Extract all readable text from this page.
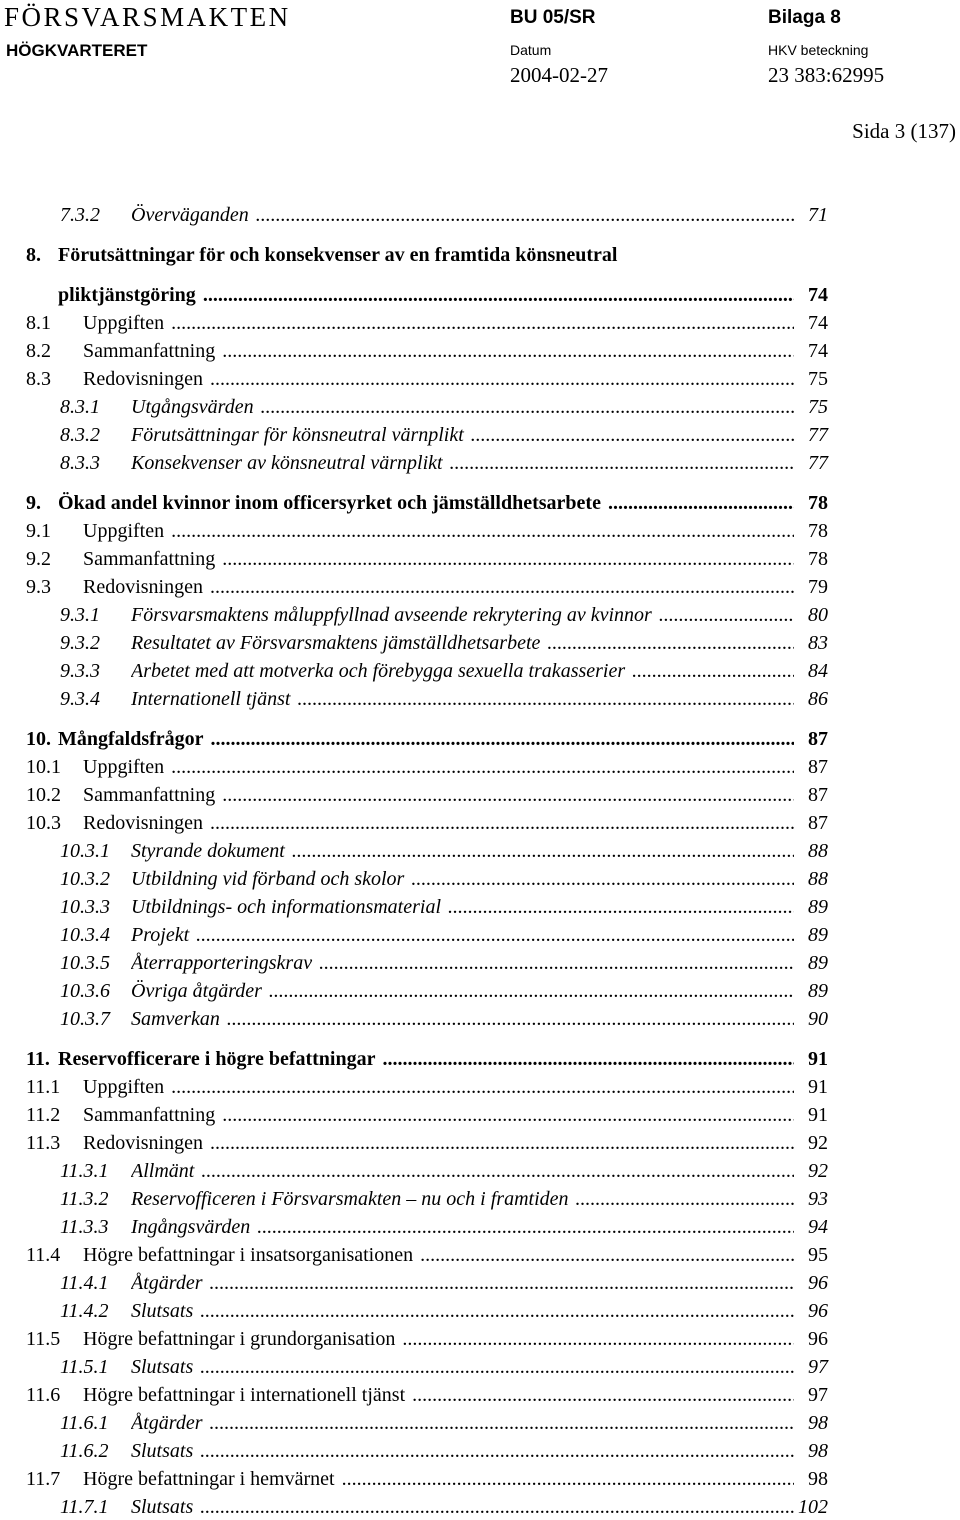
FÖRSVARSMAKTEN
HÖGKVARTERET
BU 05/SR	Bilaga 8
Datum	HKV beteckning
2004-02-27	23 383:62995
Sida 3 (137)
7.3.2 Överväganden .....	71
8. Förutsättningar för och konsekvenser av en framtida könsneutral
pliktjänstgöring .....	74
8.1 Uppgiften .....	74
8.2 Sammanfattning .....	74
8.3 Redovisningen .....	75
8.3.1 Utgångsvärden .....	75
8.3.2 Förutsättningar för könsneutral värnplikt .....	77
8.3.3 Konsekvenser av könsneutral värnplikt .....	77
9. Ökad andel kvinnor inom officersyrket och jämställdhetsarbete .....	78
9.1 Uppgiften .....	78
9.2 Sammanfattning .....	78
9.3 Redovisningen .....	79
9.3.1 Försvarsmaktens måluppfyllnad avseende rekrytering av kvinnor .....	80
9.3.2 Resultatet av Försvarsmaktens jämställdhetsarbete .....	83
9.3.3 Arbetet med att motverka och förebygga sexuella trakasserier .....	84
9.3.4 Internationell tjänst .....	86
10. Mångfaldsfrågor .....	87
10.1 Uppgiften .....	87
10.2 Sammanfattning .....	87
10.3 Redovisningen .....	87
10.3.1 Styrande dokument .....	88
10.3.2 Utbildning vid förband och skolor .....	88
10.3.3 Utbildnings- och informationsmaterial .....	89
10.3.4 Projekt .....	89
10.3.5 Återrapporteringskrav .....	89
10.3.6 Övriga åtgärder .....	89
10.3.7 Samverkan .....	90
11. Reservofficerare i högre befattningar .....	91
11.1 Uppgiften .....	91
11.2 Sammanfattning .....	91
11.3 Redovisningen .....	92
11.3.1 Allmänt .....	92
11.3.2 Reservofficeren i Försvarsmakten – nu och i framtiden .....	93
11.3.3 Ingångsvärden .....	94
11.4 Högre befattningar i insatsorganisationen .....	95
11.4.1 Åtgärder .....	96
11.4.2 Slutsats .....	96
11.5 Högre befattningar i grundorganisation .....	96
11.5.1 Slutsats .....	97
11.6 Högre befattningar i internationell tjänst .....	97
11.6.1 Åtgärder .....	98
11.6.2 Slutsats .....	98
11.7 Högre befattningar i hemvärnet .....	98
11.7.1 Slutsats .....	102
